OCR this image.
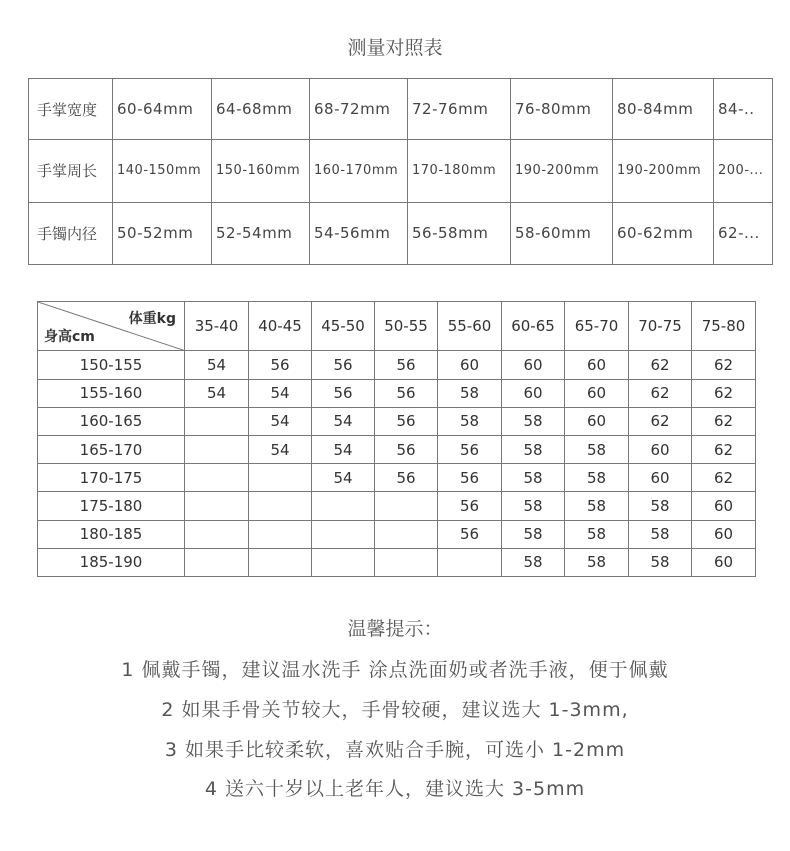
测量对照表
手掌宽度	60-64mm	64-68mm	68-72mm	72-76mm	76-80mm	80-84mm	84-..
手掌周长	140-150mm	150-160mm	160-170mm	170-180mm	190-200mm	190-200mm	200-...
手镯内径	50-52mm	52-54mm	54-56mm	56-58mm	58-60mm	60-62mm	62-...
体重kg
身高cm	35-40	40-45	45-50	50-55	55-60	60-65	65-70	70-75	75-80
150-155	54	56	56	56	60	60	60	62	62
155-160	54	54	56	56	58	60	60	62	62
160-165		54	54	56	58	58	60	62	62
165-170		54	54	56	56	58	58	60	62
170-175			54	56	56	58	58	60	62
175-180					56	58	58	58	60
180-185					56	58	58	58	60
185-190						58	58	58	60
温馨提示：
1 佩戴手镯，建议温水洗手 涂点洗面奶或者洗手液，便于佩戴
2 如果手骨关节较大，手骨较硬，建议选大 1-3mm,
3 如果手比较柔软，喜欢贴合手腕，可选小 1-2mm
4 送六十岁以上老年人，建议选大 3-5mm
